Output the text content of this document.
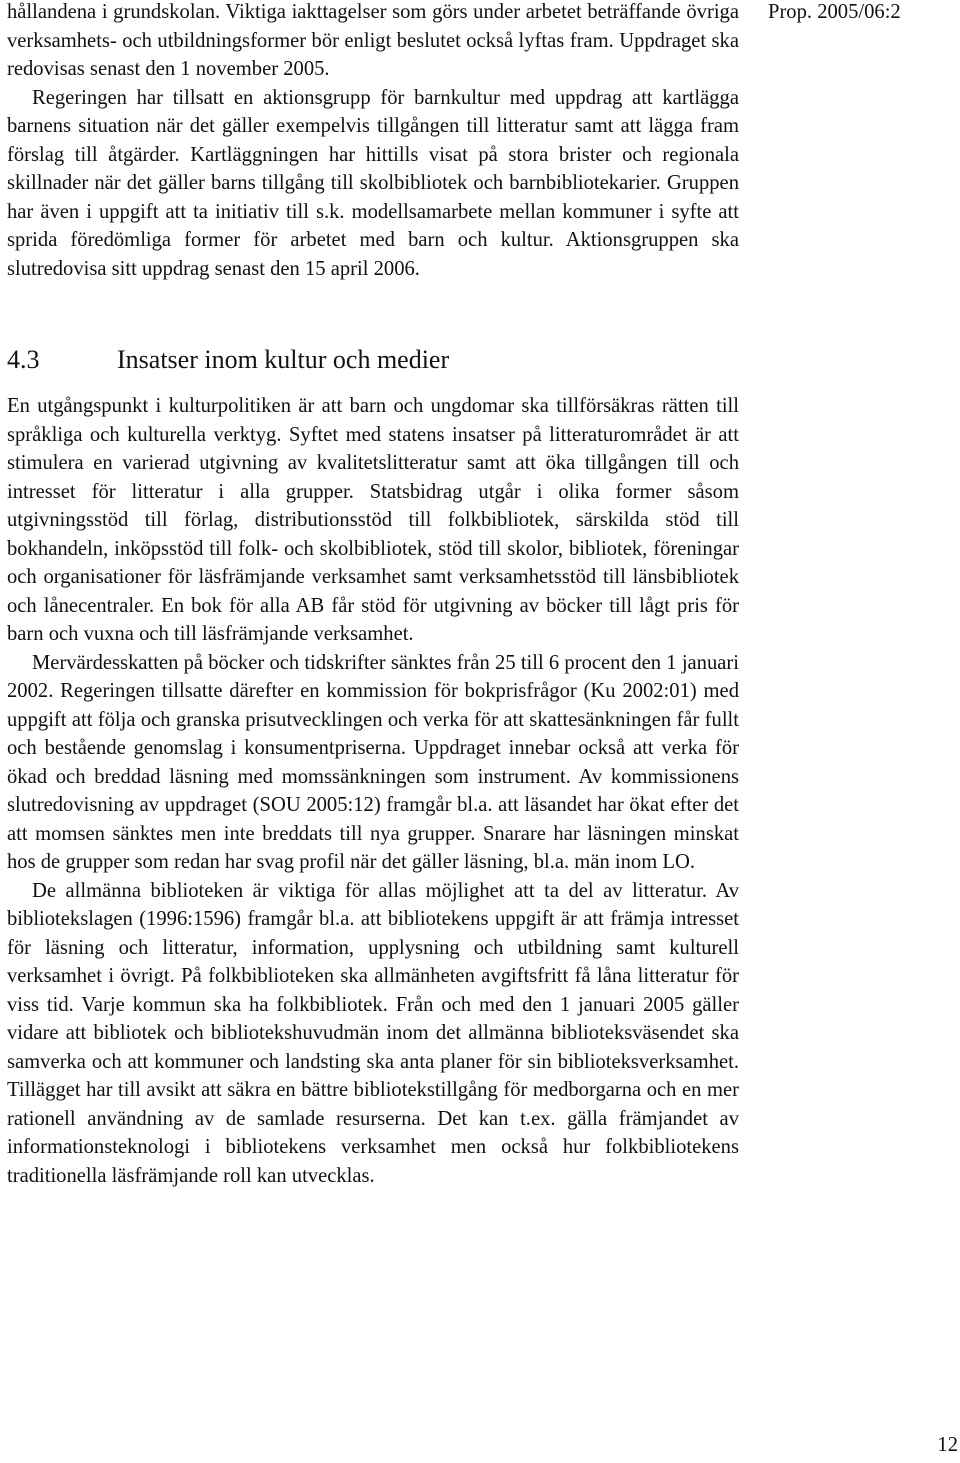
hållandena i grundskolan. Viktiga iakttagelser som görs under arbetet beträffande övriga verksamhets- och utbildningsformer bör enligt beslutet också lyftas fram. Uppdraget ska redovisas senast den 1 november 2005.

Regeringen har tillsatt en aktionsgrupp för barnkultur med uppdrag att kartlägga barnens situation när det gäller exempelvis tillgången till litteratur samt att lägga fram förslag till åtgärder. Kartläggningen har hittills visat på stora brister och regionala skillnader när det gäller barns tillgång till skolbibliotek och barnbibliotekarier. Gruppen har även i uppgift att ta initiativ till s.k. modellsamarbete mellan kommuner i syfte att sprida föredömliga former för arbetet med barn och kultur. Aktionsgruppen ska slutredovisa sitt uppdrag senast den 15 april 2006.

4.3	Insatser inom kultur och medier

En utgångspunkt i kulturpolitiken är att barn och ungdomar ska tillförsäkras rätten till språkliga och kulturella verktyg. Syftet med statens insatser på litteraturområdet är att stimulera en varierad utgivning av kvalitetslitteratur samt att öka tillgången till och intresset för litteratur i alla grupper. Statsbidrag utgår i olika former såsom utgivningsstöd till förlag, distributionsstöd till folkbibliotek, särskilda stöd till bokhandeln, inköpsstöd till folk- och skolbibliotek, stöd till skolor, bibliotek, föreningar och organisationer för läsfrämjande verksamhet samt verksamhetsstöd till länsbibliotek och lånecentraler. En bok för alla AB får stöd för utgivning av böcker till lågt pris för barn och vuxna och till läsfrämjande verksamhet.

Mervärdesskatten på böcker och tidskrifter sänktes från 25 till 6 procent den 1 januari 2002. Regeringen tillsatte därefter en kommission för bokprisfrågor (Ku 2002:01) med uppgift att följa och granska prisutvecklingen och verka för att skattesänkningen får fullt och bestående genomslag i konsumentpriserna. Uppdraget innebar också att verka för ökad och breddad läsning med momssänkningen som instrument. Av kommissionens slutredovisning av uppdraget (SOU 2005:12) framgår bl.a. att läsandet har ökat efter det att momsen sänktes men inte breddats till nya grupper. Snarare har läsningen minskat hos de grupper som redan har svag profil när det gäller läsning, bl.a. män inom LO.

De allmänna biblioteken är viktiga för allas möjlighet att ta del av litteratur. Av bibliotekslagen (1996:1596) framgår bl.a. att bibliotekens uppgift är att främja intresset för läsning och litteratur, information, upplysning och utbildning samt kulturell verksamhet i övrigt. På folkbiblioteken ska allmänheten avgiftsfritt få låna litteratur för viss tid. Varje kommun ska ha folkbibliotek. Från och med den 1 januari 2005 gäller vidare att bibliotek och bibliotekshuvudmän inom det allmänna biblioteksväsendet ska samverka och att kommuner och landsting ska anta planer för sin biblioteksverksamhet. Tillägget har till avsikt att säkra en bättre bibliotekstillgång för medborgarna och en mer rationell användning av de samlade resurserna. Det kan t.ex. gälla främjandet av informationsteknologi i bibliotekens verksamhet men också hur folkbibliotekens traditionella läsfrämjande roll kan utvecklas.

Prop. 2005/06:2
12
